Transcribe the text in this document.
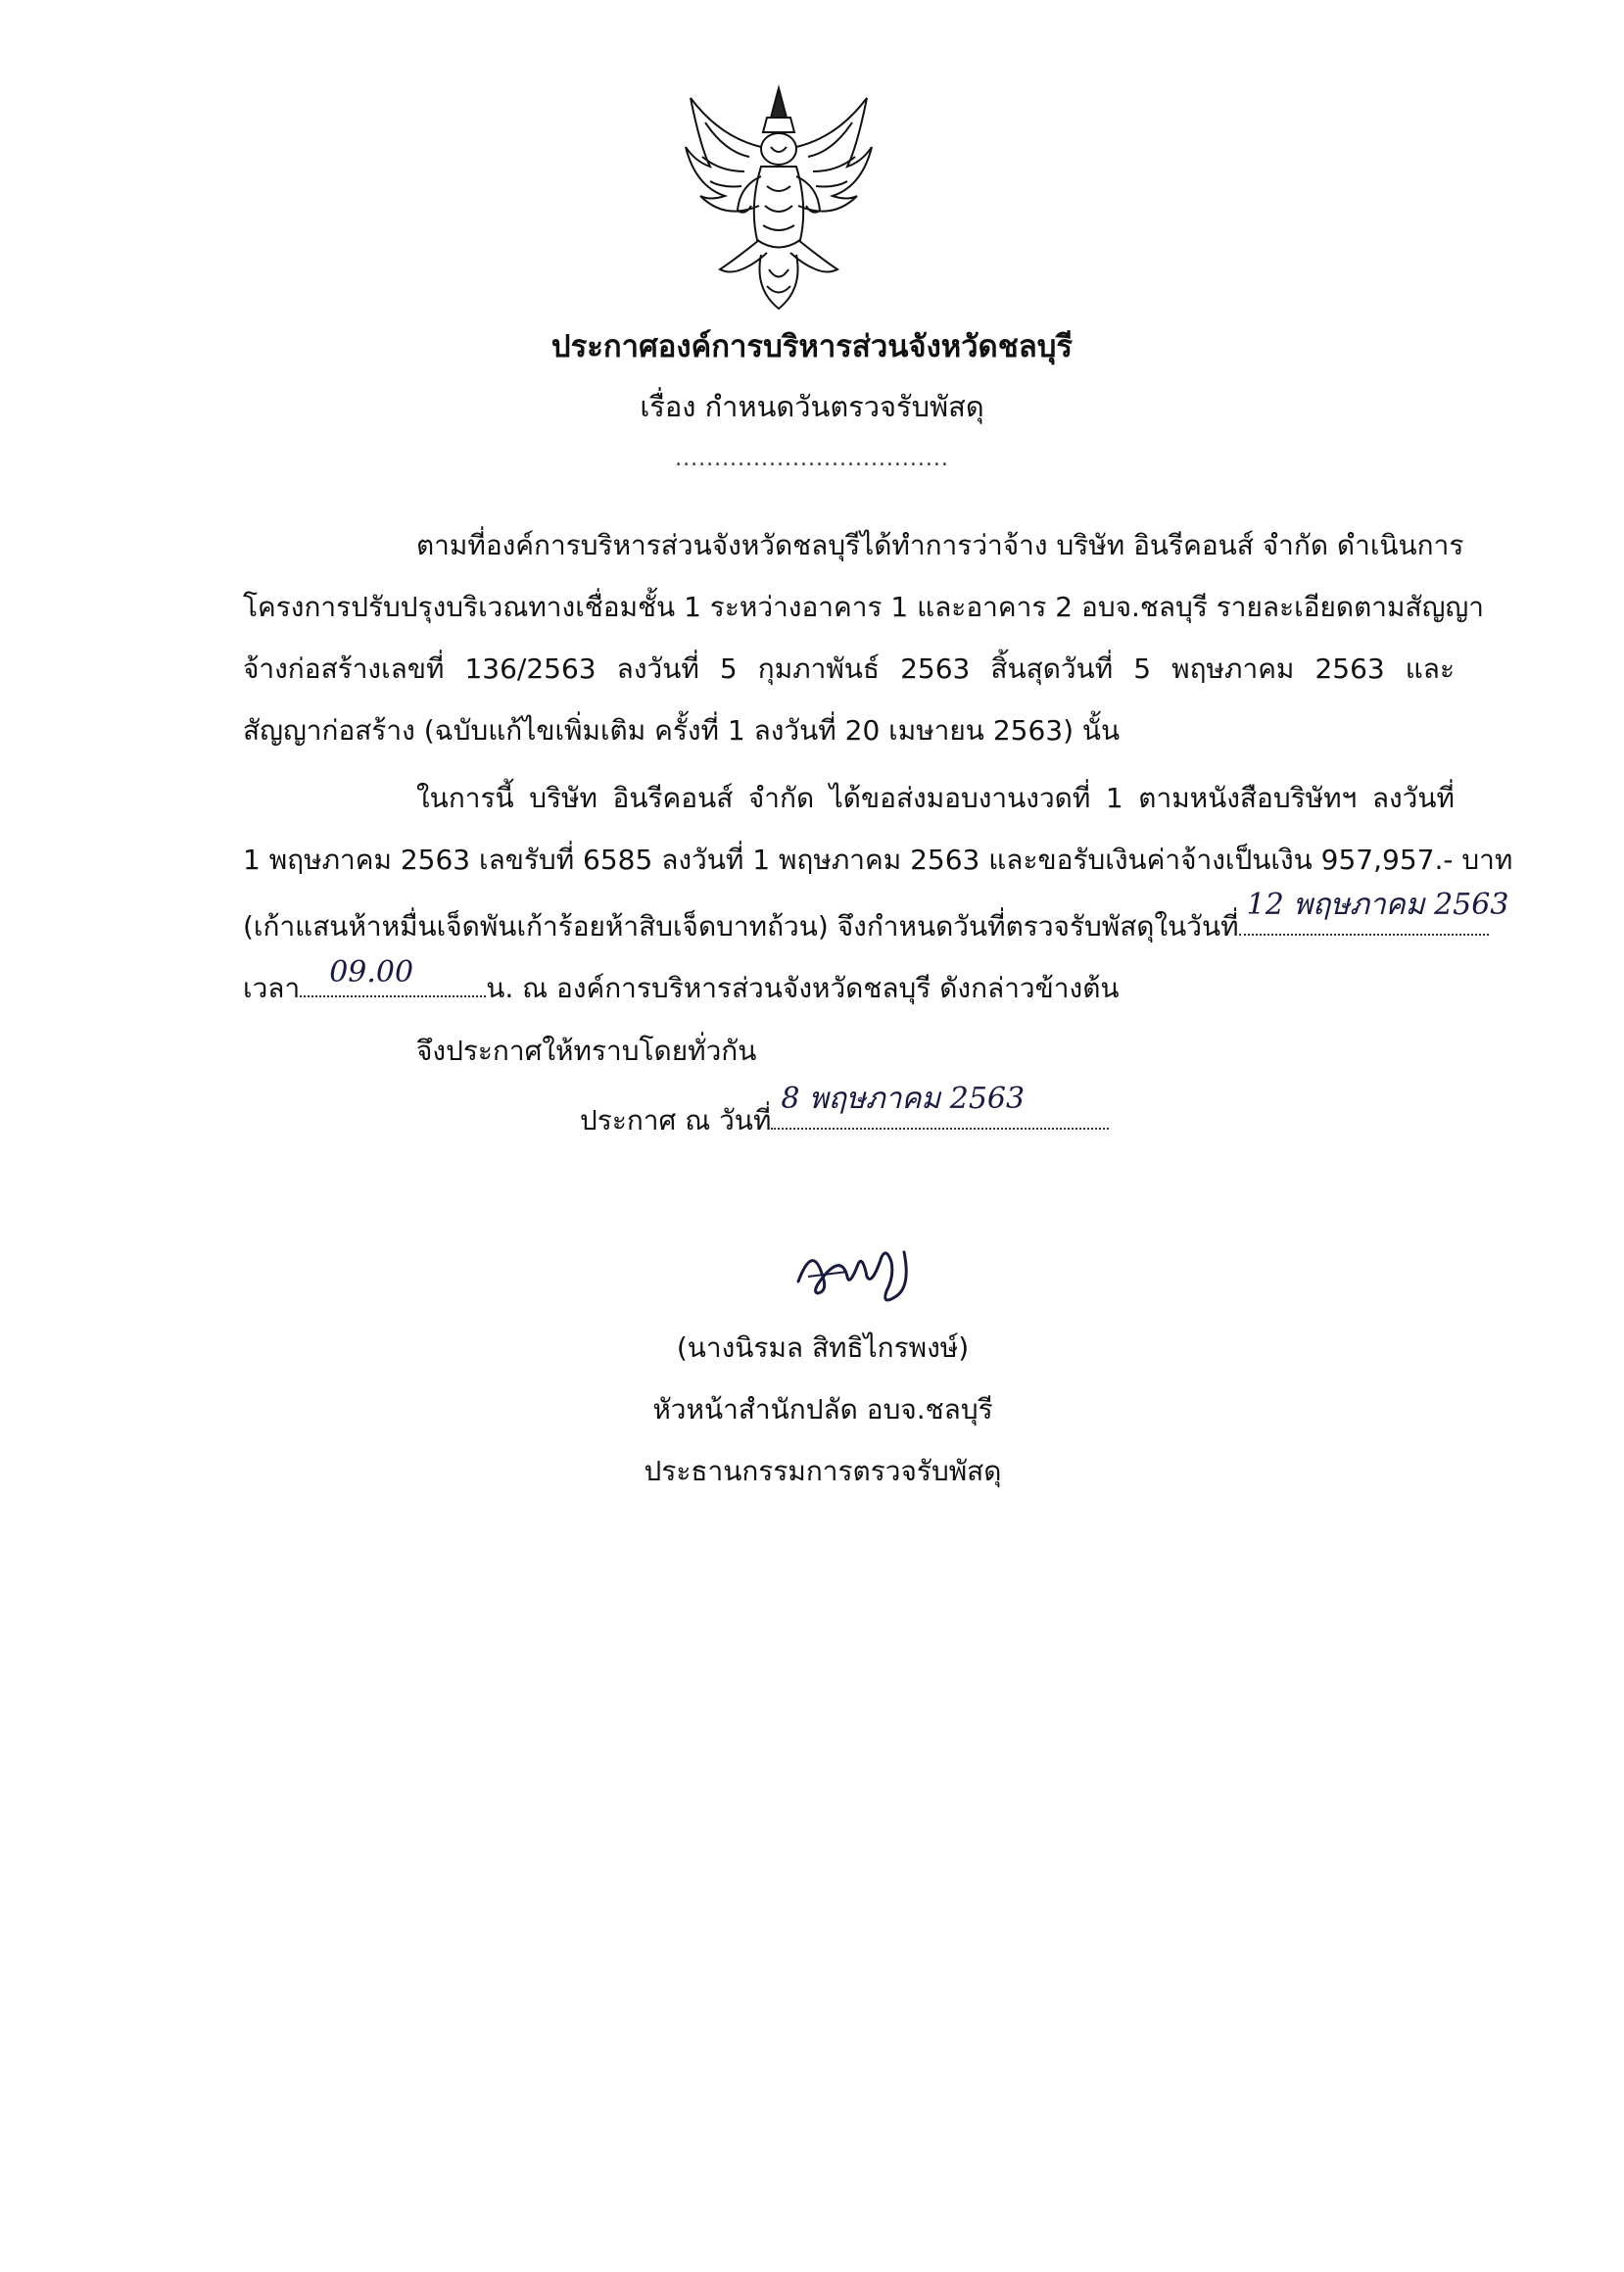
ประกาศองค์การบริหารส่วนจังหวัดชลบุรี
เรื่อง กำหนดวันตรวจรับพัสดุ
...................................
ตามที่องค์การบริหารส่วนจังหวัดชลบุรีได้ทำการว่าจ้าง บริษัท อินรีคอนส์ จำกัด ดำเนินการ
โครงการปรับปรุงบริเวณทางเชื่อมชั้น 1 ระหว่างอาคาร 1 และอาคาร 2 อบจ.ชลบุรี รายละเอียดตามสัญญา
จ้างก่อสร้างเลขที่ 136/2563 ลงวันที่ 5 กุมภาพันธ์ 2563 สิ้นสุดวันที่ 5 พฤษภาคม 2563 และ
สัญญาก่อสร้าง (ฉบับแก้ไขเพิ่มเติม ครั้งที่ 1 ลงวันที่ 20 เมษายน 2563) นั้น
ในการนี้ บริษัท อินรีคอนส์ จำกัด ได้ขอส่งมอบงานงวดที่ 1 ตามหนังสือบริษัทฯ ลงวันที่
1 พฤษภาคม 2563 เลขรับที่ 6585 ลงวันที่ 1 พฤษภาคม 2563 และขอรับเงินค่าจ้างเป็นเงิน 957,957.- บาท
(เก้าแสนห้าหมื่นเจ็ดพันเก้าร้อยห้าสิบเจ็ดบาทถ้วน) จึงกำหนดวันที่ตรวจรับพัสดุในวันที่
12 พฤษภาคม 2563
เวลา 09.00	น. ณ องค์การบริหารส่วนจังหวัดชลบุรี ดังกล่าวข้างต้น
จึงประกาศให้ทราบโดยทั่วกัน
ประกาศ ณ วันที่
8 พฤษภาคม 2563
(นางนิรมล สิทธิไกรพงษ์)
หัวหน้าสำนักปลัด อบจ.ชลบุรี
ประธานกรรมการตรวจรับพัสดุ
